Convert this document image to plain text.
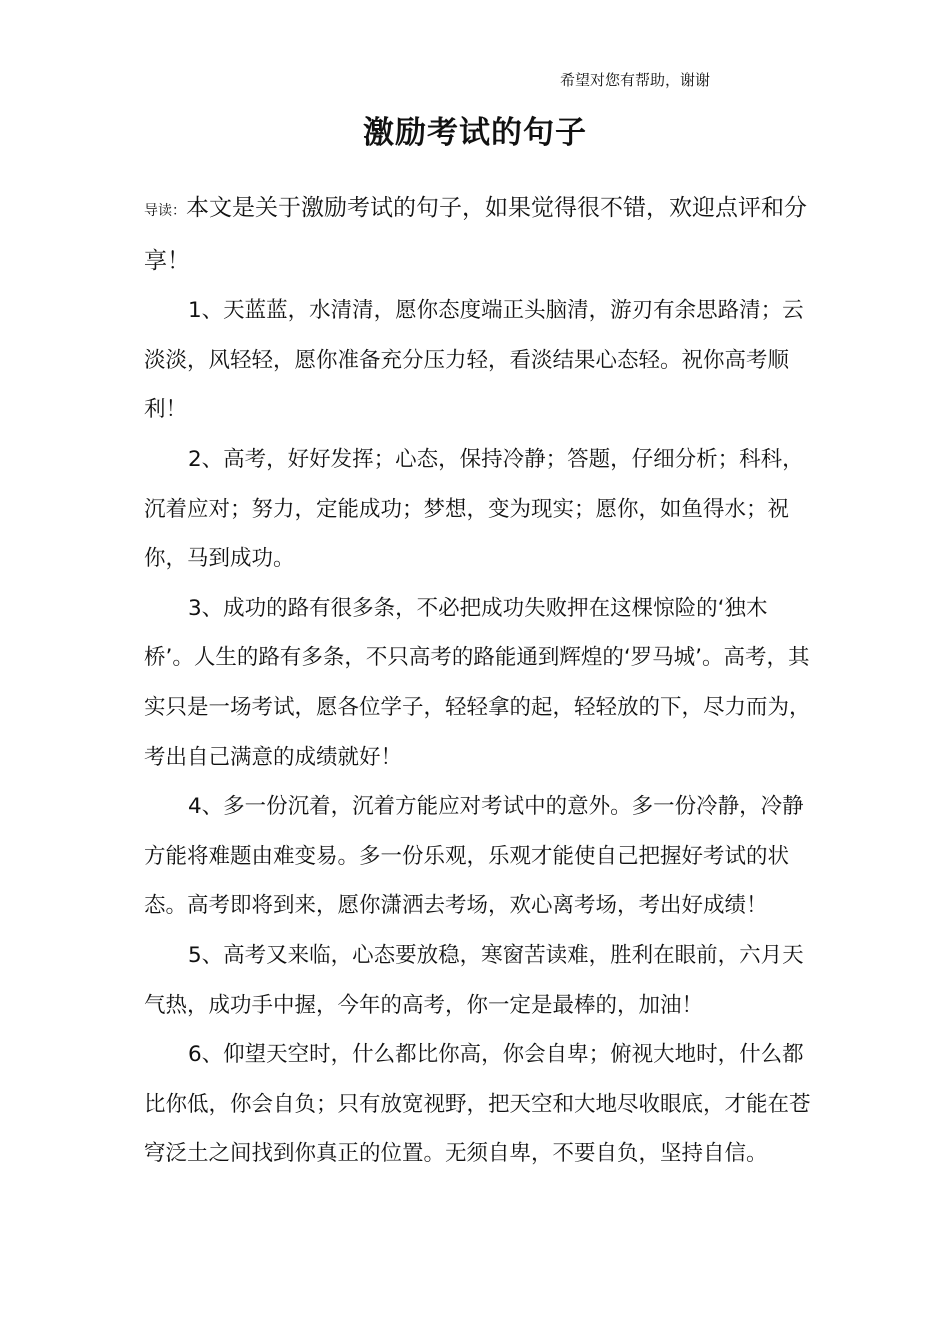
希望对您有帮助，谢谢
激励考试的句子

导读：本文是关于激励考试的句子，如果觉得很不错，欢迎点评和分享！

1、天蓝蓝，水清清，愿你态度端正头脑清，游刃有余思路清；云淡淡，风轻轻，愿你准备充分压力轻，看淡结果心态轻。祝你高考顺利！

2、高考，好好发挥；心态，保持冷静；答题，仔细分析；科科，沉着应对；努力，定能成功；梦想，变为现实；愿你，如鱼得水；祝你，马到成功。

3、成功的路有很多条，不必把成功失败押在这棵惊险的‘独木桥’。人生的路有多条，不只高考的路能通到辉煌的‘罗马城’。高考，其实只是一场考试，愿各位学子，轻轻拿的起，轻轻放的下，尽力而为，考出自己满意的成绩就好！

4、多一份沉着，沉着方能应对考试中的意外。多一份冷静，冷静方能将难题由难变易。多一份乐观，乐观才能使自己把握好考试的状态。高考即将到来，愿你潇洒去考场，欢心离考场，考出好成绩！

5、高考又来临，心态要放稳，寒窗苦读难，胜利在眼前，六月天气热，成功手中握，今年的高考，你一定是最棒的，加油！

6、仰望天空时，什么都比你高，你会自卑；俯视大地时，什么都比你低，你会自负；只有放宽视野，把天空和大地尽收眼底，才能在苍穹泛土之间找到你真正的位置。无须自卑，不要自负，坚持自信。
